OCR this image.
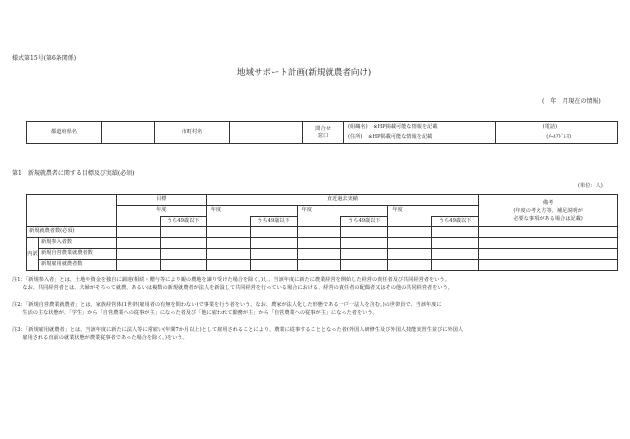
様式第15号(第6条関係)
地域サポート計画(新規就農者向け)
(　年　月現在の情報)
都道府県名		市町村名		問合せ
窓口	(組織名) ※HP掲載可能な情報を記載	(電話)
					(住所) ※HP掲載可能な情報を記載	(ﾒｰﾙｱﾄﾞﾚｽ)
第1　新規就農者に関する目標及び実績(必須)
(単位：人)
		目標		直近過去実績						備考
(年度の考え方等、補足説明が
必要な事項がある場合は記載)

		年度		年度		年度		年度		
			うち49歳以下		うち49歳以下		うち49歳以下		うち49歳以下	
新規就農者数(必須)										
内訳	新規参入者数									
	新規自営農業就農者数									
	新規雇用就農者数									
注1：「新規参入者」とは、土地や資金を独自に調達(相続・贈与等により親の農地を譲り受けた場合を除く。)し、当該年度に新たに農業経営を開始した経営の責任者及び共同経営者をいう。
　　なお、共同経営者とは、夫婦がそろって就農、あるいは複数の新規就農者が法人を新設して共同経営を行っている場合における、経営の責任者の配偶者又はその他の共同経営者をいう。
注2：「新規自営農業就農者」とは、家族経営体(1世帯(雇用者の有無を問わない)で事業を行う者をいう。なお、農家が法人化した形態である一戸一法人を含む。)の世帯員で、当該年度に
　　生活の主な状態が、「学生」から「自営農業への従事が主」になった者及び「他に雇われて勤務が主」から「自営農業への従事が主」になった者をいう。
注3：「新規雇用就農者」とは、当該年度に新たに法人等に常雇い(年間7か月以上)として雇用されることにより、農業に従事することとなった者(外国人研修生及び外国人技能実習生並びに外国人
　　雇用される直前の就業状態が農業従事者であった場合を除く。)をいう。
